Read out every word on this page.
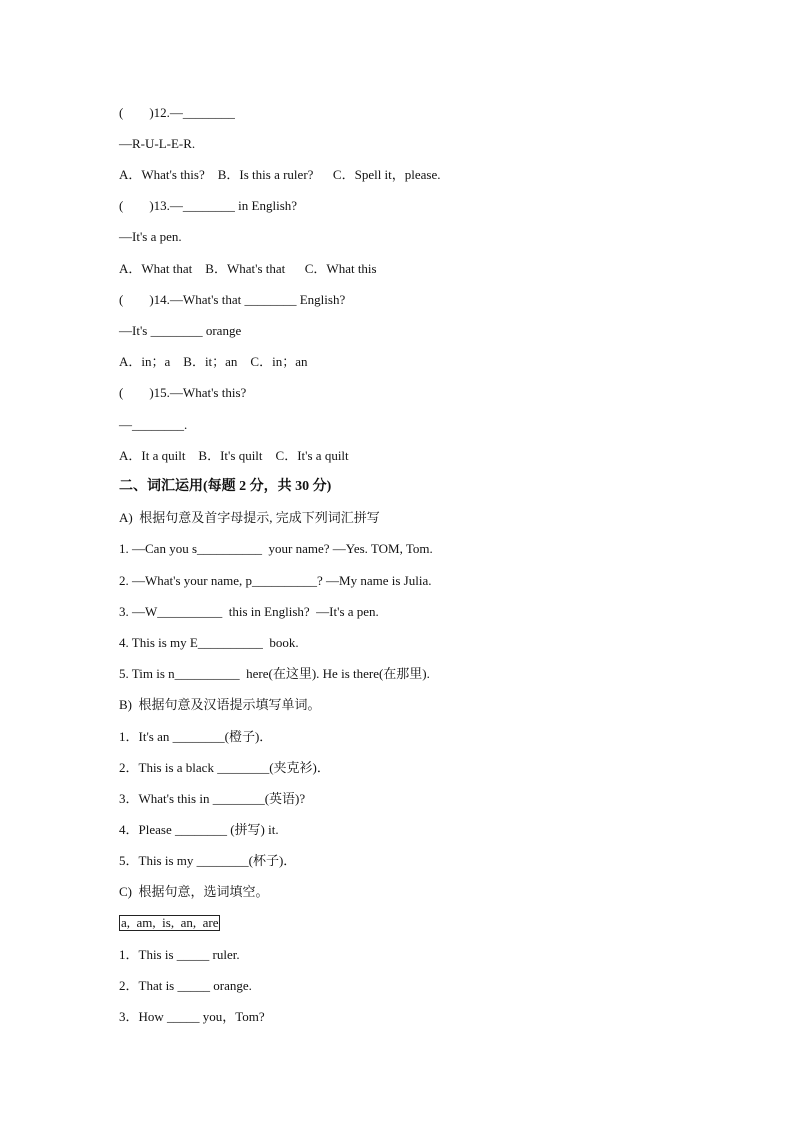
(        )12.—________
—R-U-L-E-R.
A．What's this?    B．Is this a ruler?      C．Spell it，please.
(        )13.—________ in English?
—It's a pen.
A．What that    B．What's that      C．What this
(        )14.—What's that ________ English?
—It's ________ orange
A．in；a    B．it；an    C．in；an
(        )15.—What's this?
—________.
A．It a quilt    B．It's quilt    C．It's a quilt
二、词汇运用(每题 2 分，共 30 分)
A)  根据句意及首字母提示, 完成下列词汇拼写
1. —Can you s__________  your name? —Yes. TOM, Tom.
2. —What's your name, p__________? —My name is Julia.
3. —W__________  this in English?  —It's a pen.
4. This is my E__________  book.
5. Tim is n__________  here(在这里). He is there(在那里).
B)  根据句意及汉语提示填写单词。
1．It's an ________(橙子)．
2．This is a black ________(夹克衫)．
3．What's this in ________(英语)?
4．Please ________ (拼写) it.
5．This is my ________(杯子)．
C)  根据句意，选词填空。
a,  am,  is,  an,  are
1．This is _____ ruler.
2．That is _____ orange.
3．How _____ you，Tom?
